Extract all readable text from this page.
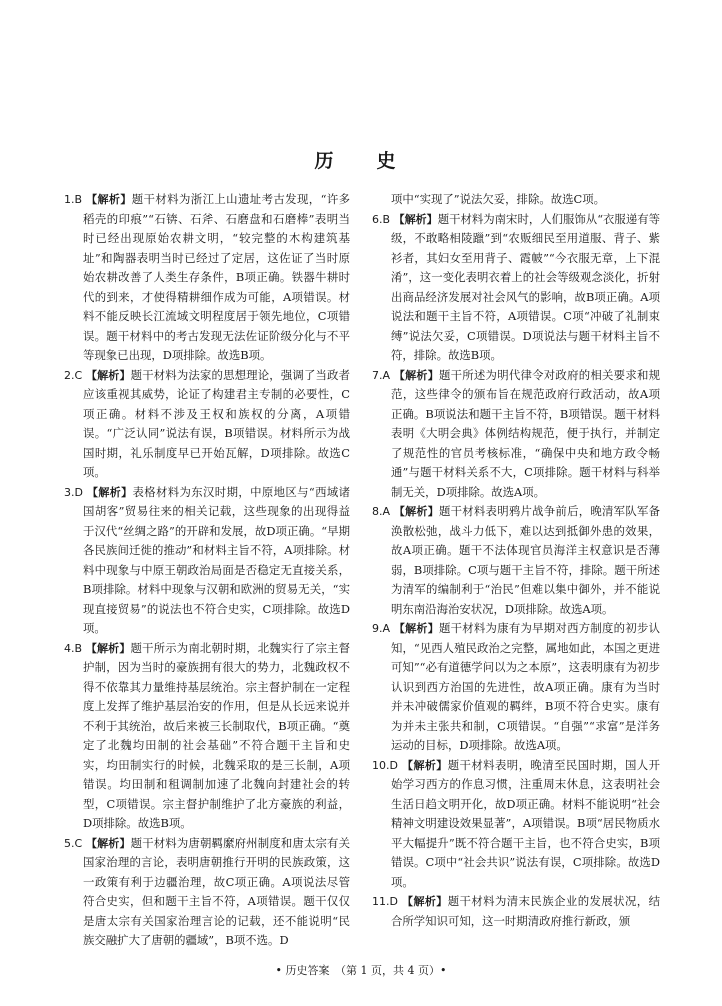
历　史

1.B 【解析】题干材料为浙江上山遗址考古发现，“许多稻壳的印痕”“石锛、石斧、石磨盘和石磨棒”表明当时已经出现原始农耕文明，“较完整的木构建筑基址”和陶器表明当时已经过了定居，这佐证了当时原始农耕改善了人类生存条件，B项正确。铁器牛耕时代的到来，才使得精耕细作成为可能，A项错误。材料不能反映长江流域文明程度居于领先地位，C项错误。题干材料中的考古发现无法佐证阶级分化与不平等现象已出现，D项排除。故选B项。

2.C 【解析】题干材料为法家的思想理论，强调了当政者应该重视其威势，论证了构建君主专制的必要性，C项正确。材料不涉及王权和族权的分离，A项错误。“广泛认同”说法有误，B项错误。材料所示为战国时期，礼乐制度早已开始瓦解，D项排除。故选C项。

3.D 【解析】表格材料为东汉时期，中原地区与“西域诸国胡客”贸易往来的相关记载，这些现象的出现得益于汉代“丝绸之路”的开辟和发展，故D项正确。“早期各民族间迁徙的推动”和材料主旨不符，A项排除。材料中现象与中原王朝政治局面是否稳定无直接关系，B项排除。材料中现象与汉朝和欧洲的贸易无关，“实现直接贸易”的说法也不符合史实，C项排除。故选D项。

4.B 【解析】题干所示为南北朝时期，北魏实行了宗主督护制，因为当时的豪族拥有很大的势力，北魏政权不得不依靠其力量维持基层统治。宗主督护制在一定程度上发挥了维护基层治安的作用，但是从长远来说并不利于其统治，故后来被三长制取代，B项正确。“奠定了北魏均田制的社会基础”不符合题干主旨和史实，均田制实行的时候，北魏采取的是三长制，A项错误。均田制和租调制加速了北魏向封建社会的转型，C项错误。宗主督护制维护了北方豪族的利益，D项排除。故选B项。

5.C 【解析】题干材料为唐朝羁縻府州制度和唐太宗有关国家治理的言论，表明唐朝推行开明的民族政策，这一政策有利于边疆治理，故C项正确。A项说法尽管符合史实，但和题干主旨不符，A项错误。题干仅仅是唐太宗有关国家治理言论的记载，还不能说明“民族交融扩大了唐朝的疆域”，B项不选。D

项中“实现了”说法欠妥，排除。故选C项。

6.B 【解析】题干材料为南宋时，人们服饰从“衣服递有等级，不敢略相陵躐”到“农贩细民至用道服、背子、紫衫者，其妇女至用背子、霞帔”“今衣服无章，上下混淆”，这一变化表明衣着上的社会等级观念淡化，折射出商品经济发展对社会风气的影响，故B项正确。A项说法和题干主旨不符，A项错误。C项“冲破了礼制束缚”说法欠妥，C项错误。D项说法与题干材料主旨不符，排除。故选B项。

7.A 【解析】题干所述为明代律令对政府的相关要求和规范，这些律令的颁布旨在规范政府行政活动，故A项正确。B项说法和题干主旨不符，B项错误。题干材料表明《大明会典》体例结构规范，便于执行，并制定了规范性的官员考核标准，“确保中央和地方政令畅通”与题干材料关系不大，C项排除。题干材料与科举制无关，D项排除。故选A项。

8.A 【解析】题干材料表明鸦片战争前后，晚清军队军备涣散松弛，战斗力低下，难以达到抵御外患的效果，故A项正确。题干不法体现官员海洋主权意识是否薄弱，B项排除。C项与题干主旨不符，排除。题干所述为清军的编制利于“治民”但难以集中御外，并不能说明东南沿海治安状况，D项排除。故选A项。

9.A 【解析】题干材料为康有为早期对西方制度的初步认知，“见西人殖民政治之完整，属地如此，本国之更进可知”“必有道德学问以为之本原”，这表明康有为初步认识到西方治国的先进性，故A项正确。康有为当时并未冲破儒家价值观的羁绊，B项不符合史实。康有为并未主张共和制，C项错误。“自强”“求富”是洋务运动的目标，D项排除。故选A项。

10.D 【解析】题干材料表明，晚清至民国时期，国人开始学习西方的作息习惯，注重周末休息，这表明社会生活日趋文明开化，故D项正确。材料不能说明“社会精神文明建设效果显著”，A项错误。B项“居民物质水平大幅提升”既不符合题干主旨，也不符合史实，B项错误。C项中“社会共识”说法有误，C项排除。故选D项。

11.D 【解析】题干材料为清末民族企业的发展状况，结合所学知识可知，这一时期清政府推行新政，颁

• 历史答案　（第 1 页，共 4 页）•
